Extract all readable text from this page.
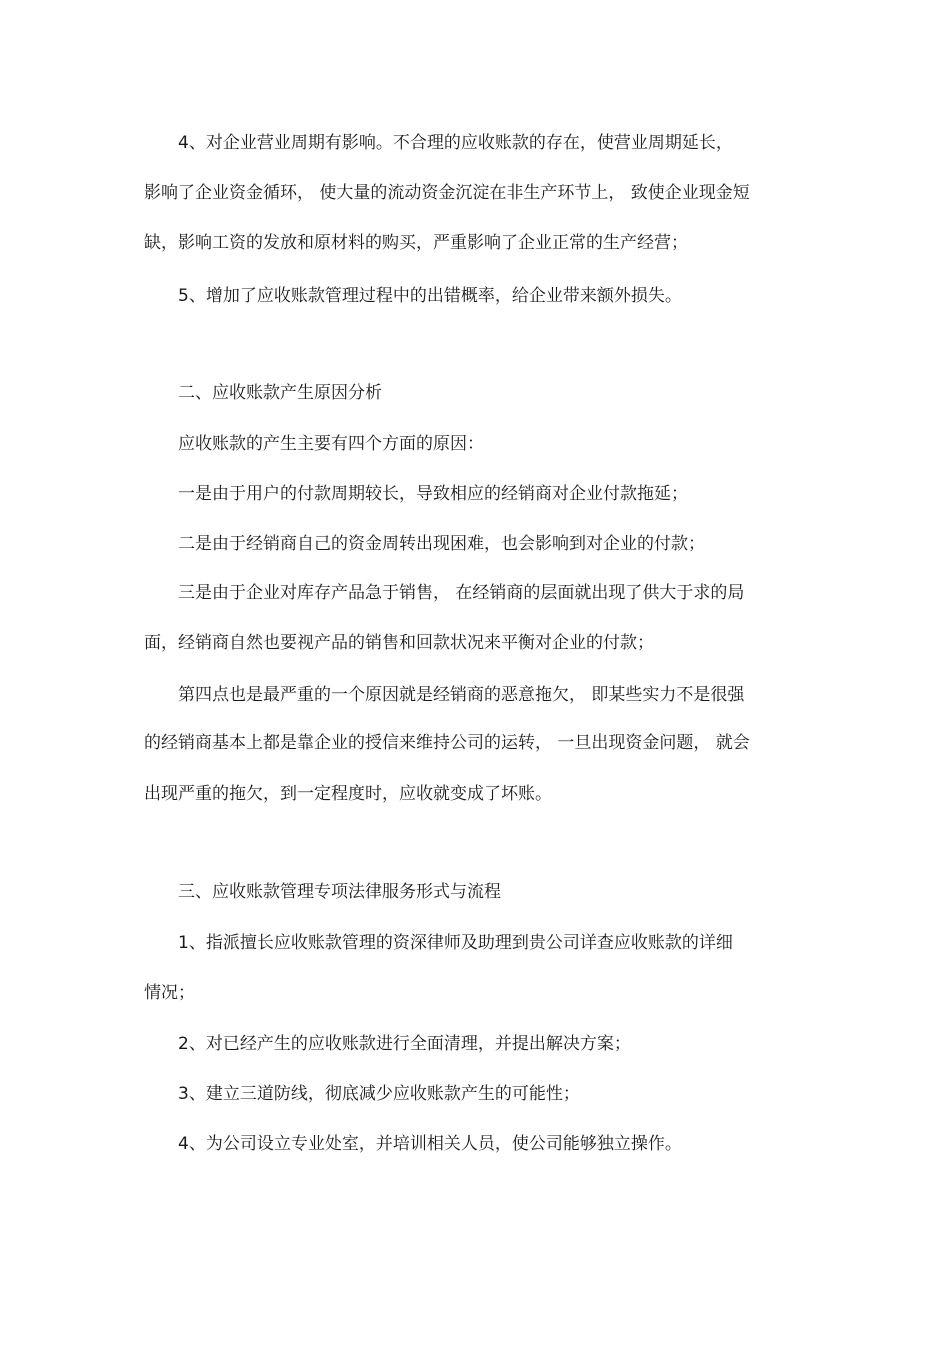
4、对企业营业周期有影响。不合理的应收账款的存在，使营业周期延长，

影响了企业资金循环， 使大量的流动资金沉淀在非生产环节上， 致使企业现金短

缺，影响工资的发放和原材料的购买，严重影响了企业正常的生产经营；

5、增加了应收账款管理过程中的出错概率，给企业带来额外损失。

二、应收账款产生原因分析

应收账款的产生主要有四个方面的原因：

一是由于用户的付款周期较长，导致相应的经销商对企业付款拖延；

二是由于经销商自己的资金周转出现困难，也会影响到对企业的付款；

三是由于企业对库存产品急于销售， 在经销商的层面就出现了供大于求的局

面，经销商自然也要视产品的销售和回款状况来平衡对企业的付款；

第四点也是最严重的一个原因就是经销商的恶意拖欠， 即某些实力不是很强

的经销商基本上都是靠企业的授信来维持公司的运转， 一旦出现资金问题， 就会

出现严重的拖欠，到一定程度时，应收就变成了坏账。

三、应收账款管理专项法律服务形式与流程

1、指派擅长应收账款管理的资深律师及助理到贵公司详查应收账款的详细

情况；

2、对已经产生的应收账款进行全面清理，并提出解决方案；

3、建立三道防线，彻底减少应收账款产生的可能性；

4、为公司设立专业处室，并培训相关人员，使公司能够独立操作。
